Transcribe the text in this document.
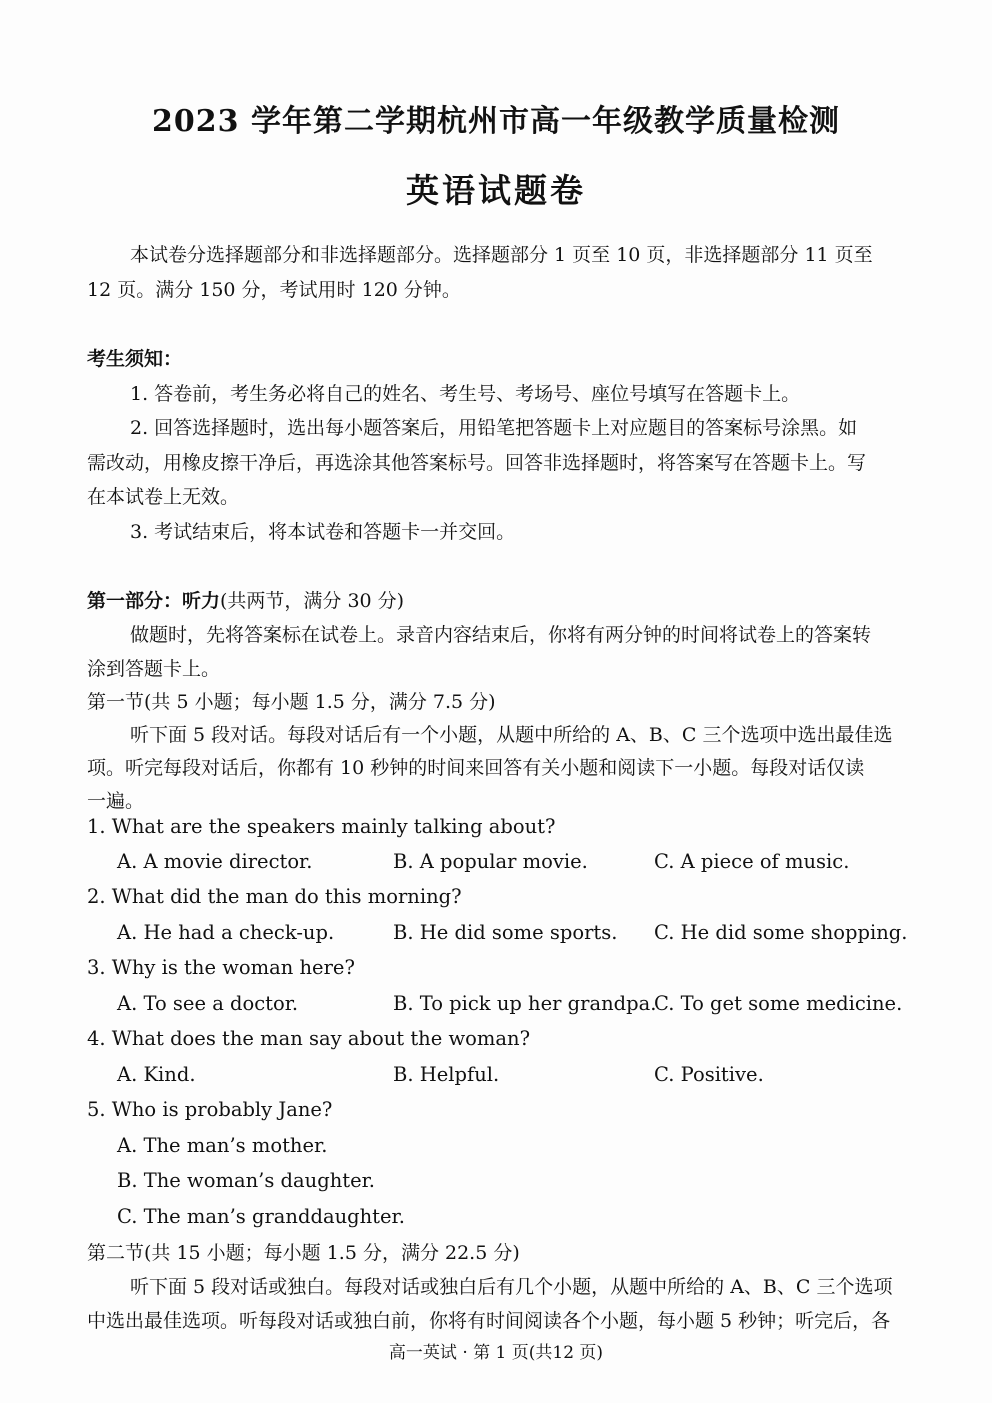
2023 学年第二学期杭州市高一年级教学质量检测
英语试题卷
本试卷分选择题部分和非选择题部分。选择题部分 1 页至 10 页，非选择题部分 11 页至
12 页。满分 150 分，考试用时 120 分钟。
考生须知：
1. 答卷前，考生务必将自己的姓名、考生号、考场号、座位号填写在答题卡上。
2. 回答选择题时，选出每小题答案后，用铅笔把答题卡上对应题目的答案标号涂黑。如
需改动，用橡皮擦干净后，再选涂其他答案标号。回答非选择题时，将答案写在答题卡上。写
在本试卷上无效。
3. 考试结束后，将本试卷和答题卡一并交回。
第一部分：听力(共两节，满分 30 分)
做题时，先将答案标在试卷上。录音内容结束后，你将有两分钟的时间将试卷上的答案转
涂到答题卡上。
第一节(共 5 小题；每小题 1.5 分，满分 7.5 分)
听下面 5 段对话。每段对话后有一个小题，从题中所给的 A、B、C 三个选项中选出最佳选
项。听完每段对话后，你都有 10 秒钟的时间来回答有关小题和阅读下一小题。每段对话仅读
一遍。
1. What are the speakers mainly talking about?
A. A movie director.	B. A popular movie.	C. A piece of music.
2. What did the man do this morning?
A. He had a check-up.	B. He did some sports. C. He did some shopping.
3. Why is the woman here?
A. To see a doctor.	B. To pick up her grandpa.
C. To get some medicine.
4. What does the man say about the woman?
A. Kind.	B. Helpful.	C. Positive.
5. Who is probably Jane?
A. The man’s mother.
B. The woman’s daughter.
C. The man’s granddaughter.
第二节(共 15 小题；每小题 1.5 分，满分 22.5 分)
听下面 5 段对话或独白。每段对话或独白后有几个小题，从题中所给的 A、B、C 三个选项
中选出最佳选项。听每段对话或独白前，你将有时间阅读各个小题，每小题 5 秒钟；听完后，各
高一英试 · 第 1 页(共12 页)
